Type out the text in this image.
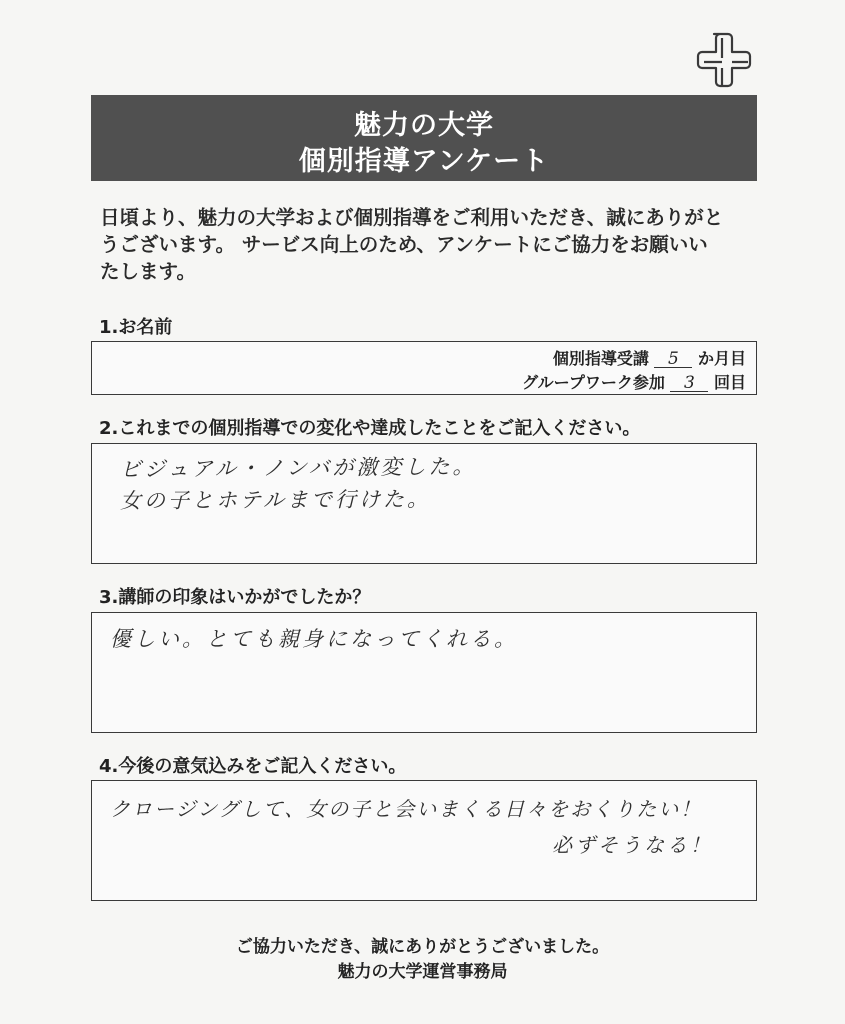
魅力の大学
個別指導アンケート
日頃より、魅力の大学および個別指導をご利用いただき、誠にありがと
うございます。 サービス向上のため、アンケートにご協力をお願いい
たします。
1.お名前
個別指導受講 5 か月目
グループワーク参加 3 回目
2.これまでの個別指導での変化や達成したことをご記入ください。
ビジュアル・ノンバが激変した。
女の子とホテルまで行けた。
3.講師の印象はいかがでしたか？
優しい。とても親身になってくれる。
4.今後の意気込みをご記入ください。
クロージングして、女の子と会いまくる日々をおくりたい！
必ずそうなる！
ご協力いただき、誠にありがとうございました。
魅力の大学運営事務局
